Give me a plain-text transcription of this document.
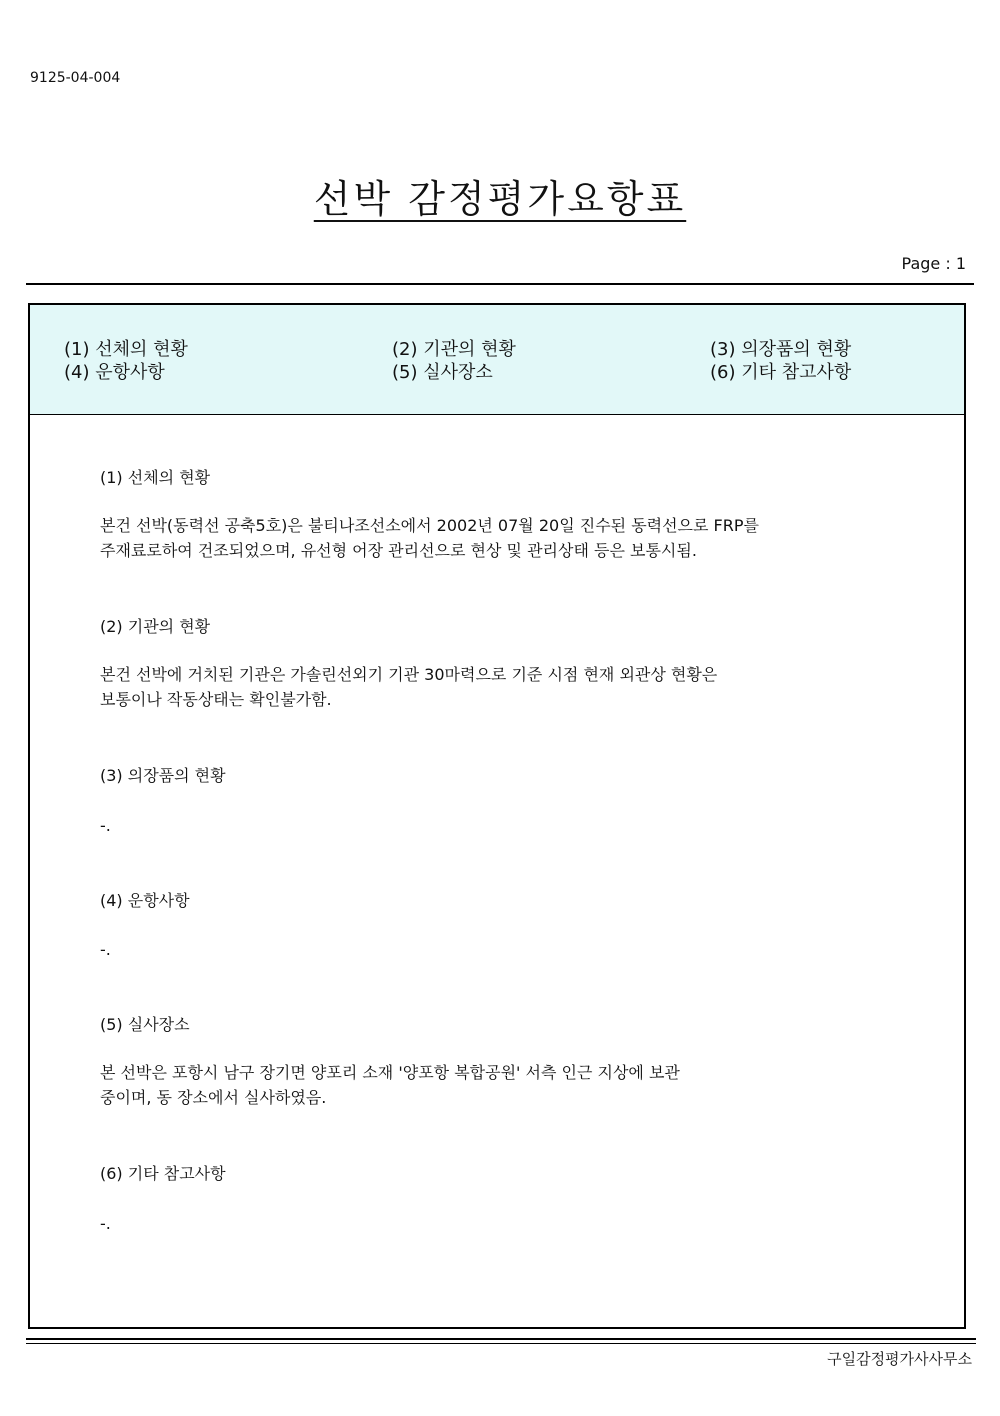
9125-04-004
선박 감정평가요항표
Page : 1
(1) 선체의 현황	(2) 기관의 현황	(3) 의장품의 현황
(4) 운항사항	(5) 실사장소	(6) 기타 참고사항
(1) 선체의 현황
본건 선박(동력선 공축5호)은 불티나조선소에서 2002년 07월 20일 진수된 동력선으로 FRP를
주재료로하여 건조되었으며, 유선형 어장 관리선으로 현상 및 관리상태 등은 보통시됨.
(2) 기관의 현황
본건 선박에 거치된 기관은 가솔린선외기 기관 30마력으로 기준 시점 현재 외관상 현황은
보통이나 작동상태는 확인불가함.
(3) 의장품의 현황
-.
(4) 운항사항
-.
(5) 실사장소
본 선박은 포항시 남구 장기면 양포리 소재 '양포항 복합공원' 서측 인근 지상에 보관
중이며, 동 장소에서 실사하였음.
(6) 기타 참고사항
-.
구일감정평가사사무소
